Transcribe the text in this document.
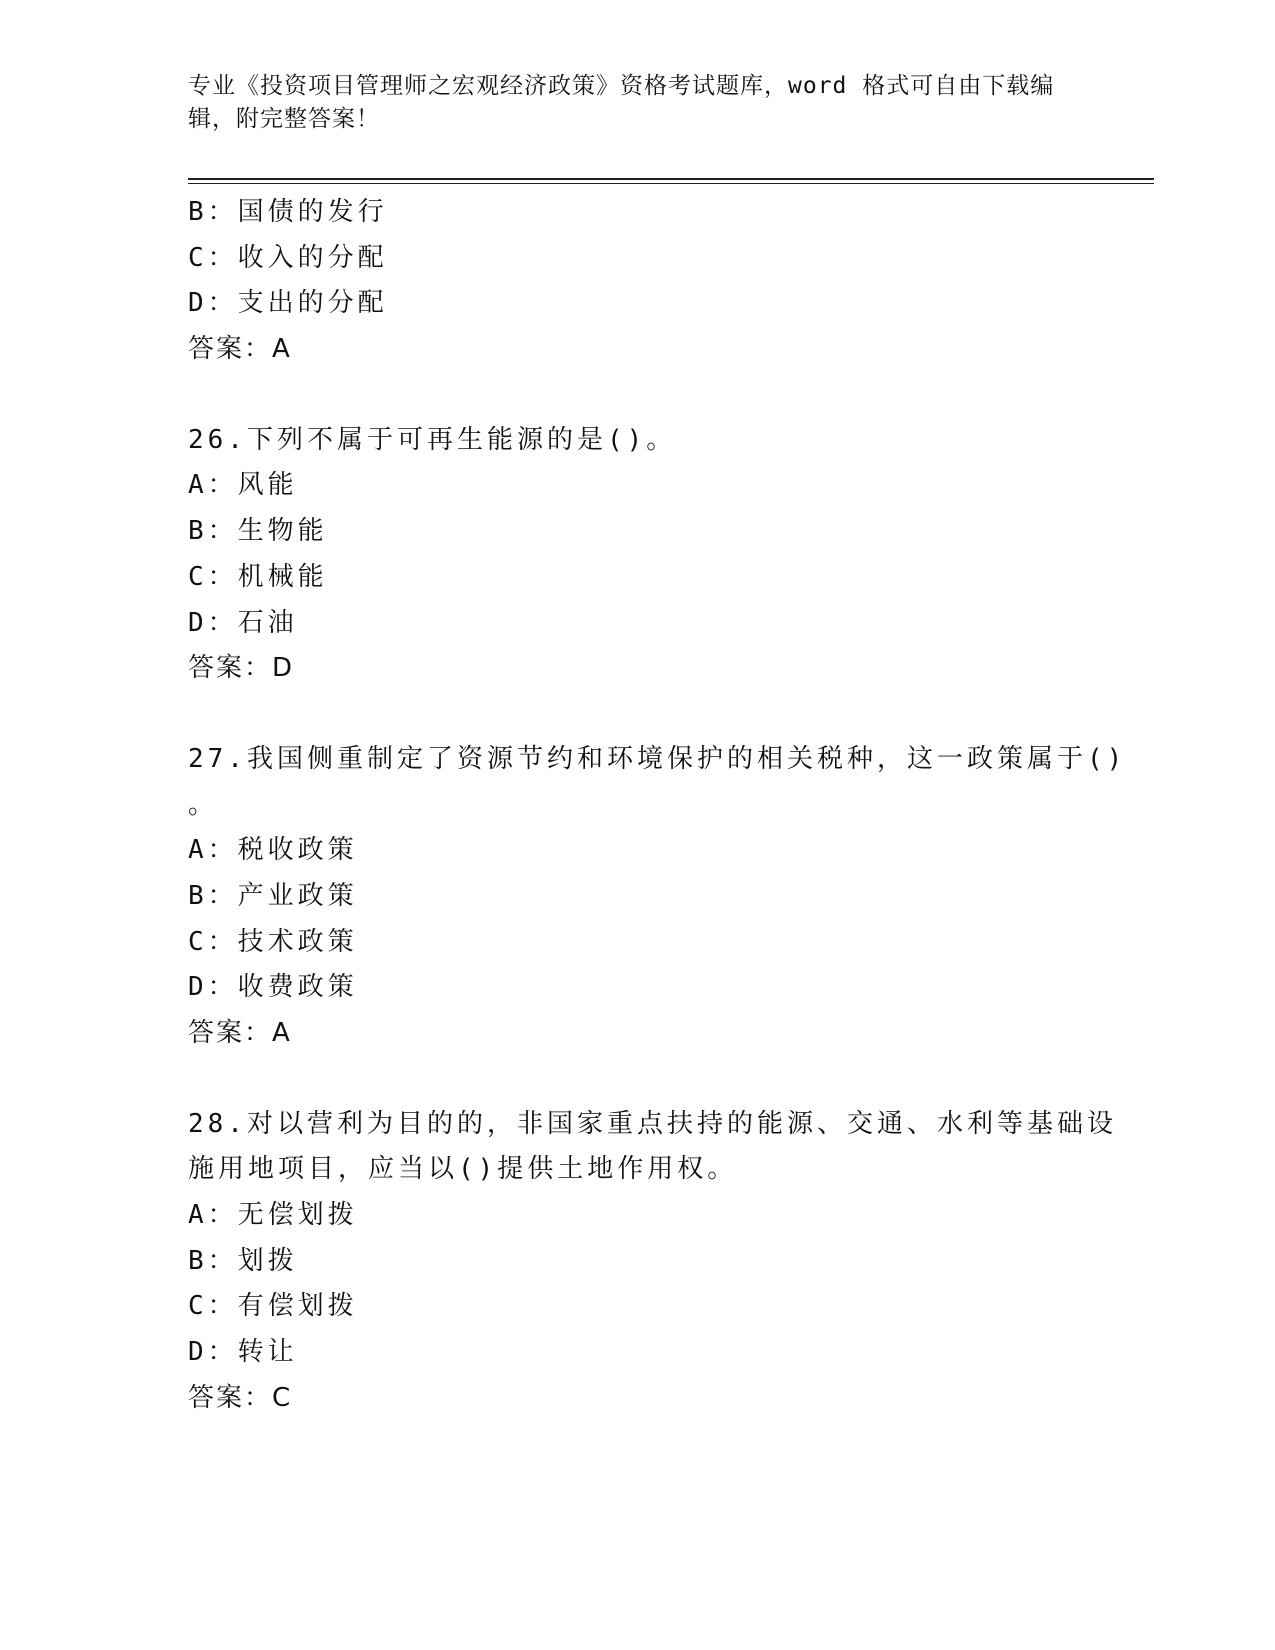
专业《投资项目管理师之宏观经济政策》资格考试题库，word 格式可自由下载编辑，附完整答案！
B：国债的发行
C：收入的分配
D：支出的分配
答案：A
26.下列不属于可再生能源的是()。
A：风能
B：生物能
C：机械能
D：石油
答案：D
27.我国侧重制定了资源节约和环境保护的相关税种，这一政策属于()
。
A：税收政策
B：产业政策
C：技术政策
D：收费政策
答案：A
28.对以营利为目的的，非国家重点扶持的能源、交通、水利等基础设
施用地项目，应当以()提供土地作用权。
A：无偿划拨
B：划拨
C：有偿划拨
D：转让
答案：C
